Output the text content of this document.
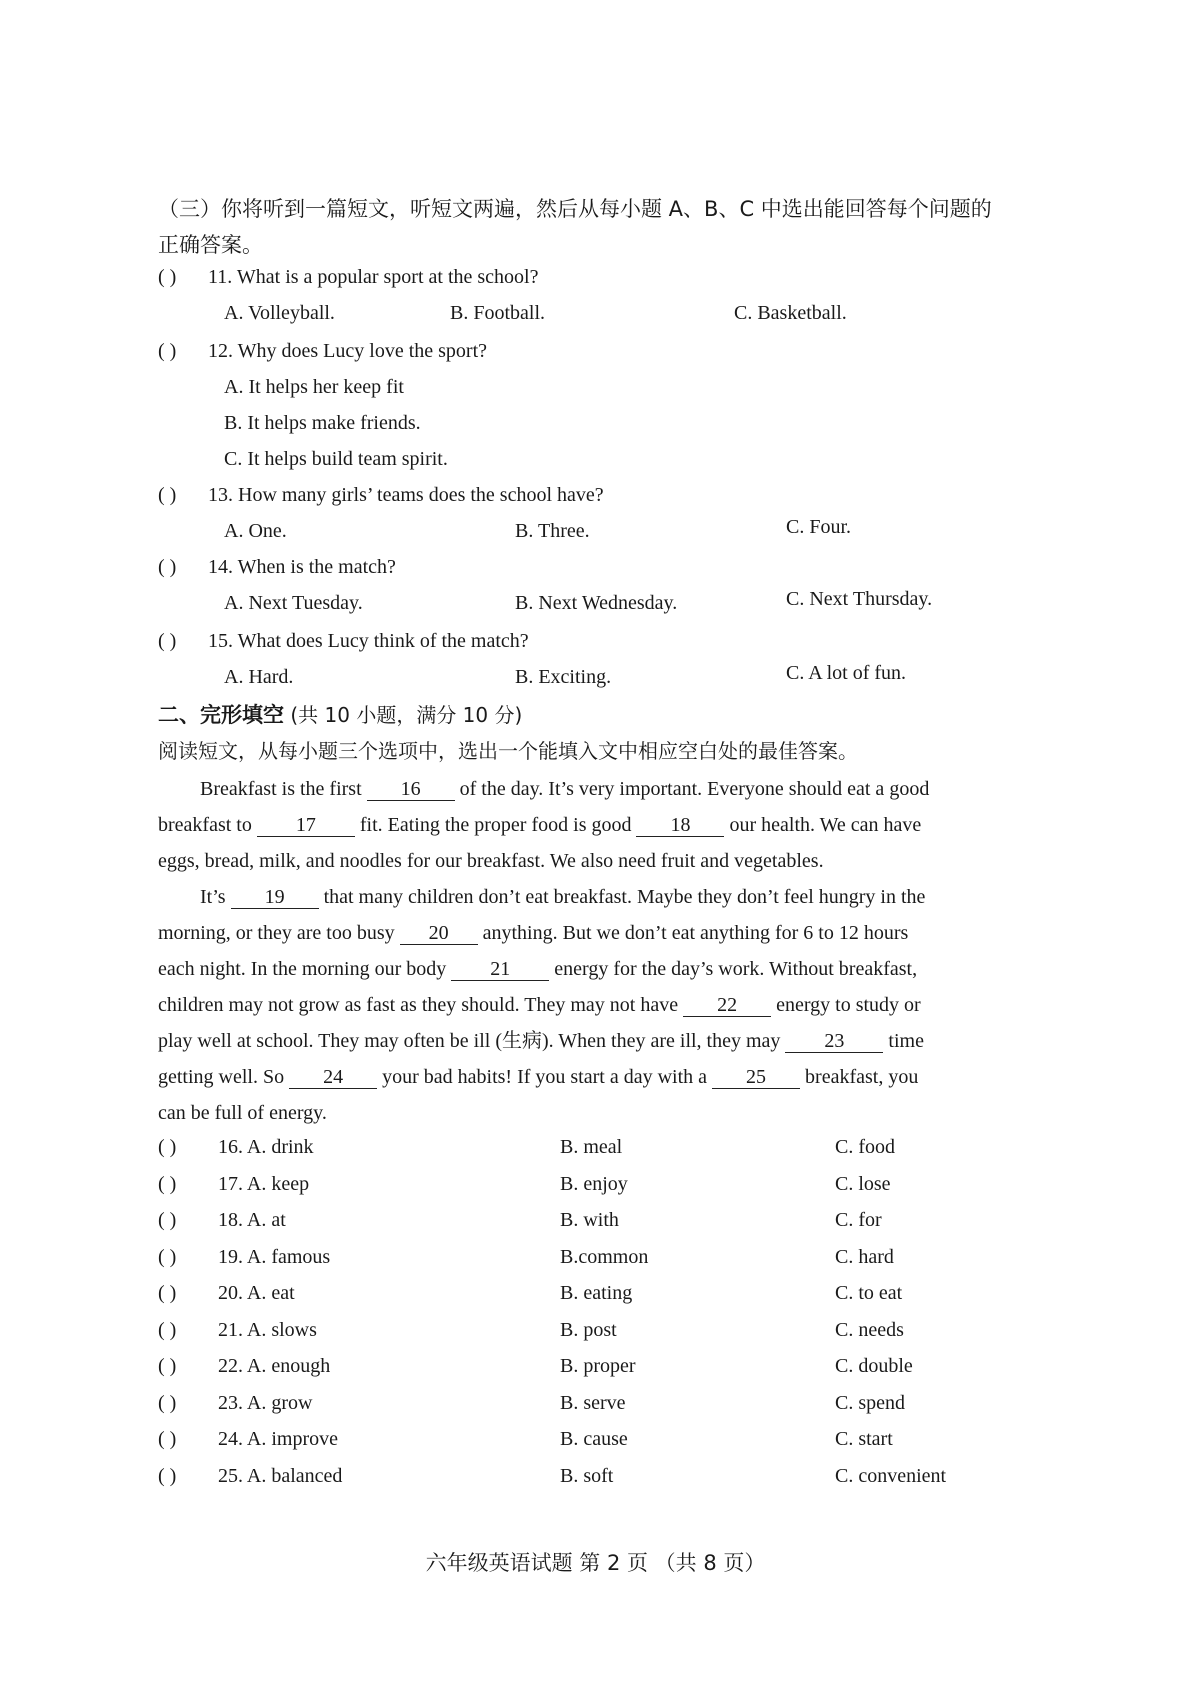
（三）你将听到一篇短文，听短文两遍，然后从每小题 A、B、C 中选出能回答每个问题的
正确答案。
( ) 11. What is a popular sport at the school?
A. Volleyball.	B. Football.	C. Basketball.
( ) 12. Why does Lucy love the sport?
A. It helps her keep fit
B. It helps make friends.
C. It helps build team spirit.
( ) 13. How many girls’ teams does the school have?
A. One.	B. Three.	C. Four.
( ) 14. When is the match?
A. Next Tuesday.	B. Next Wednesday.	C. Next Thursday.
( ) 15. What does Lucy think of the match?
A. Hard.	B. Exciting.	C. A lot of fun.
二、完形填空 (共 10 小题，满分 10 分)
阅读短文，从每小题三个选项中，选出一个能填入文中相应空白处的最佳答案。
Breakfast is the first 16 of the day. It’s very important. Everyone should eat a good
breakfast to 17 fit. Eating the proper food is good 18 our health. We can have
eggs, bread, milk, and noodles for our breakfast. We also need fruit and vegetables.
It’s 19 that many children don’t eat breakfast. Maybe they don’t feel hungry in the
morning, or they are too busy 20 anything. But we don’t eat anything for 6 to 12 hours
each night. In the morning our body 21 energy for the day’s work. Without breakfast,
children may not grow as fast as they should. They may not have 22 energy to study or
play well at school. They may often be ill (生病). When they are ill, they may 23 time
getting well. So 24 your bad habits! If you start a day with a 25 breakfast, you
can be full of energy.
( ) 16. A. drink	B. meal	C. food
( ) 17. A. keep	B. enjoy	C. lose
( ) 18. A. at	B. with	C. for
( ) 19. A. famous	B.common	C. hard
( ) 20. A. eat	B. eating	C. to eat
( ) 21. A. slows	B. post	C. needs
( ) 22. A. enough	B. proper	C. double
( ) 23. A. grow	B. serve	C. spend
( ) 24. A. improve	B. cause	C. start
( ) 25. A. balanced	B. soft	C. convenient
六年级英语试题 第 2 页 （共 8 页）
